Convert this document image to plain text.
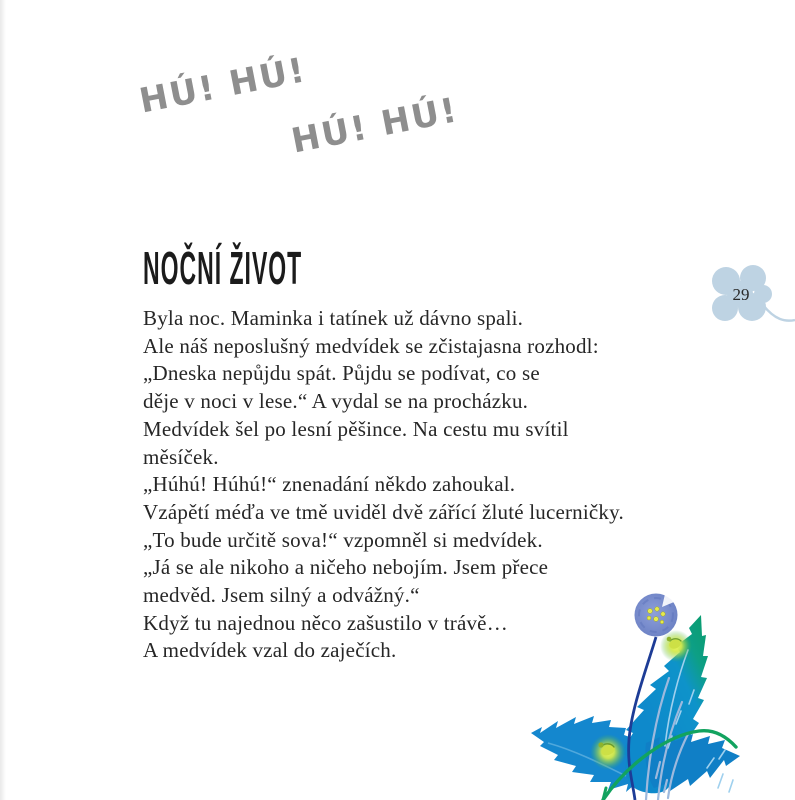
HÚ! HÚ!
HÚ! HÚ!
NOČNÍ ŽIVOT
29
Byla noc. Maminka i tatínek už dávno spali.
Ale náš neposlušný medvídek se zčistajasna rozhodl:
„Dneska nepůjdu spát. Půjdu se podívat, co se
děje v noci v lese.“ A vydal se na procházku.
Medvídek šel po lesní pěšince. Na cestu mu svítil
měsíček.
„Húhú! Húhú!“ znenadání někdo zahoukal.
Vzápětí méďa ve tmě uviděl dvě zářící žluté lucerničky.
„To bude určitě sova!“ vzpomněl si medvídek.
„Já se ale nikoho a ničeho nebojím. Jsem přece
medvěd. Jsem silný a odvážný.“
Když tu najednou něco zašustilo v trávě…
A medvídek vzal do zaječích.
